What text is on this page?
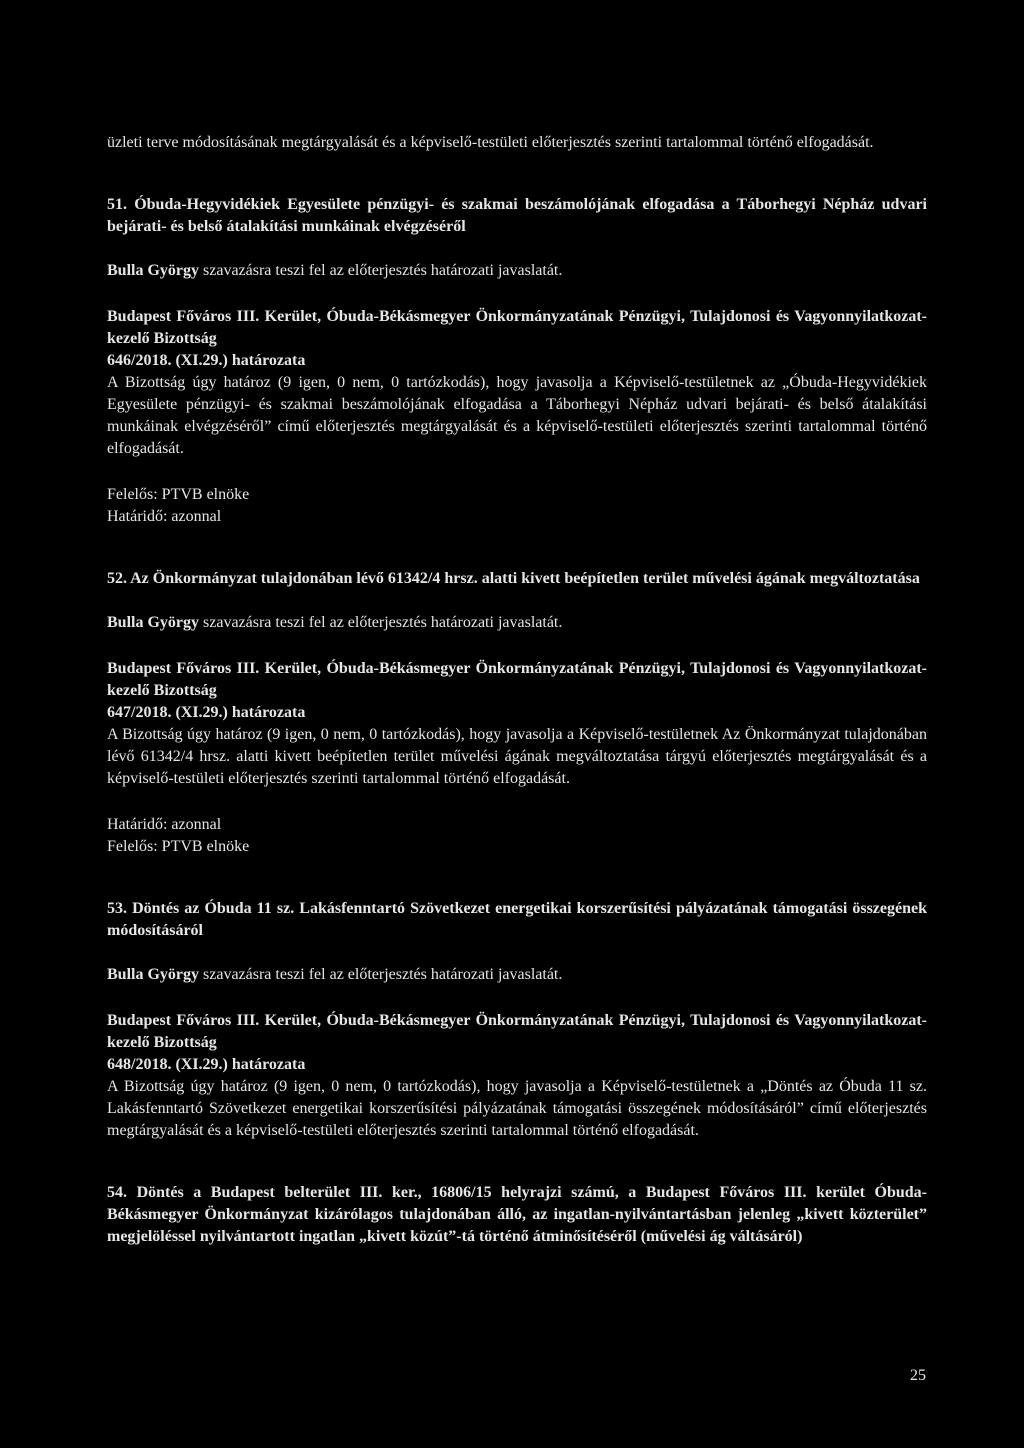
üzleti terve módosításának megtárgyalását és a képviselő-testületi előterjesztés szerinti tartalommal történő elfogadását.

51. Óbuda-Hegyvidékiek Egyesülete pénzügyi- és szakmai beszámolójának elfogadása a Táborhegyi Népház udvari bejárati- és belső átalakítási munkáinak elvégzéséről

Bulla György szavazásra teszi fel az előterjesztés határozati javaslatát.

Budapest Főváros III. Kerület, Óbuda-Békásmegyer Önkormányzatának Pénzügyi, Tulajdonosi és Vagyonnyilatkozat-kezelő Bizottság

646/2018. (XI.29.) határozata

A Bizottság úgy határoz (9 igen, 0 nem, 0 tartózkodás), hogy javasolja a Képviselő-testületnek az „Óbuda-Hegyvidékiek Egyesülete pénzügyi- és szakmai beszámolójának elfogadása a Táborhegyi Népház udvari bejárati- és belső átalakítási munkáinak elvégzéséről” című előterjesztés megtárgyalását és a képviselő-testületi előterjesztés szerinti tartalommal történő elfogadását.

Felelős: PTVB elnöke

Határidő: azonnal

52. Az Önkormányzat tulajdonában lévő 61342/4 hrsz. alatti kivett beépítetlen terület művelési ágának megváltoztatása

Bulla György szavazásra teszi fel az előterjesztés határozati javaslatát.

Budapest Főváros III. Kerület, Óbuda-Békásmegyer Önkormányzatának Pénzügyi, Tulajdonosi és Vagyonnyilatkozat-kezelő Bizottság

647/2018. (XI.29.) határozata

A Bizottság úgy határoz (9 igen, 0 nem, 0 tartózkodás), hogy javasolja a Képviselő-testületnek Az Önkormányzat tulajdonában lévő 61342/4 hrsz. alatti kivett beépítetlen terület művelési ágának megváltoztatása tárgyú előterjesztés megtárgyalását és a képviselő-testületi előterjesztés szerinti tartalommal történő elfogadását.

Határidő: azonnal

Felelős: PTVB elnöke

53. Döntés az Óbuda 11 sz. Lakásfenntartó Szövetkezet energetikai korszerűsítési pályázatának támogatási összegének módosításáról

Bulla György szavazásra teszi fel az előterjesztés határozati javaslatát.

Budapest Főváros III. Kerület, Óbuda-Békásmegyer Önkormányzatának Pénzügyi, Tulajdonosi és Vagyonnyilatkozat-kezelő Bizottság

648/2018. (XI.29.) határozata

A Bizottság úgy határoz (9 igen, 0 nem, 0 tartózkodás), hogy javasolja a Képviselő-testületnek a „Döntés az Óbuda 11 sz. Lakásfenntartó Szövetkezet energetikai korszerűsítési pályázatának támogatási összegének módosításáról” című előterjesztés megtárgyalását és a képviselő-testületi előterjesztés szerinti tartalommal történő elfogadását.

54. Döntés a Budapest belterület III. ker., 16806/15 helyrajzi számú, a Budapest Főváros III. kerület Óbuda-Békásmegyer Önkormányzat kizárólagos tulajdonában álló, az ingatlan-nyilvántartásban jelenleg „kivett közterület” megjelöléssel nyilvántartott ingatlan „kivett közút”-tá történő átminősítéséről (művelési ág váltásáról)

25
